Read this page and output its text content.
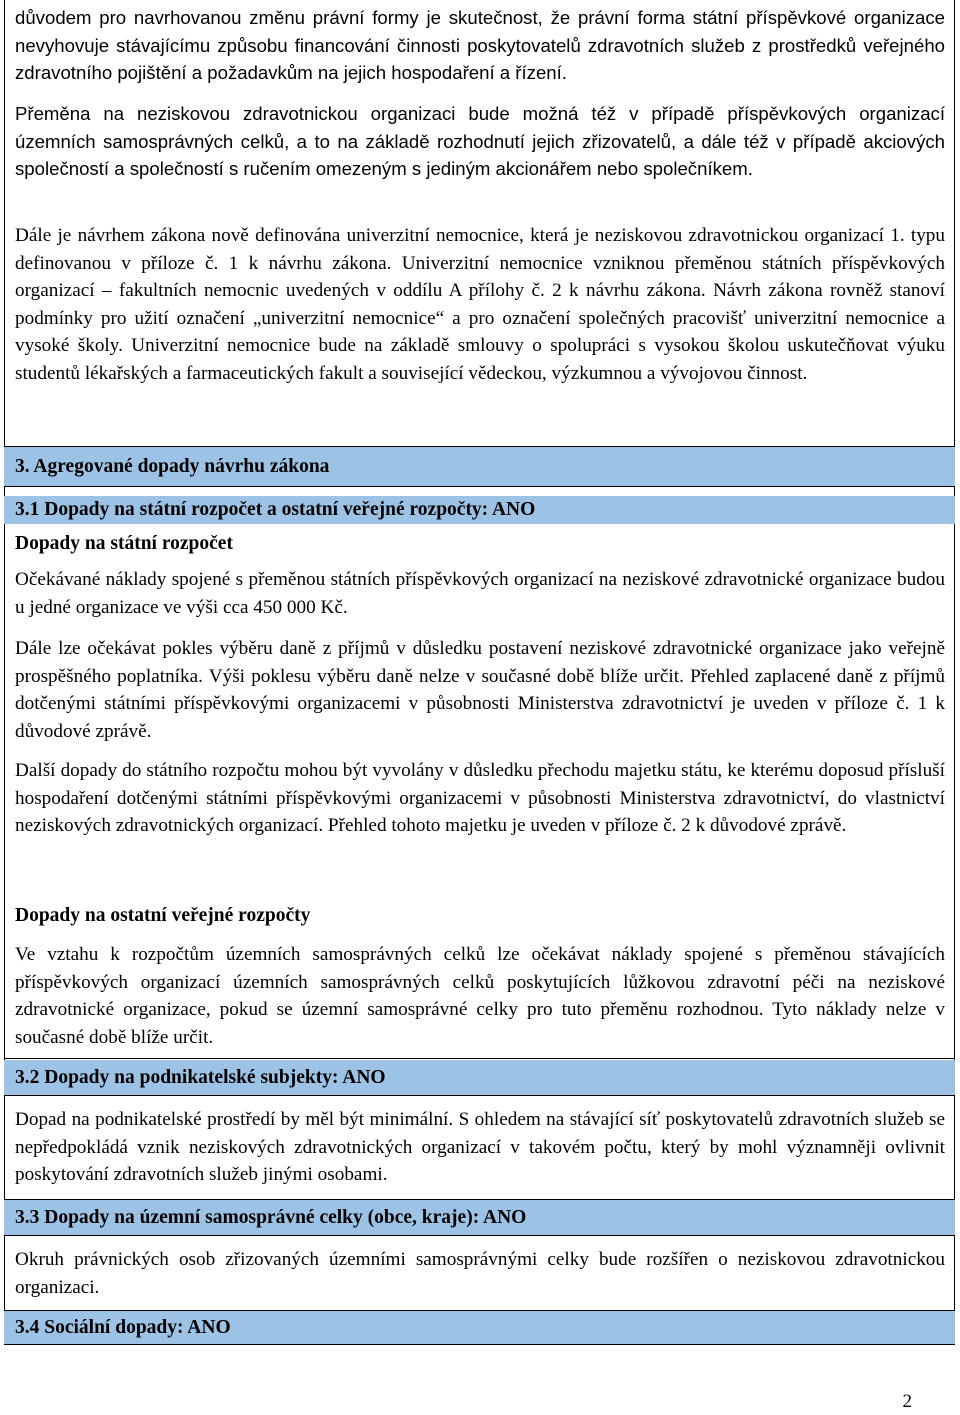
důvodem pro navrhovanou změnu právní formy je skutečnost, že právní forma státní příspěvkové organizace nevyhovuje stávajícímu způsobu financování činnosti poskytovatelů zdravotních služeb z prostředků veřejného zdravotního pojištění a požadavkům na jejich hospodaření a řízení.

Přeměna na neziskovou zdravotnickou organizaci bude možná též v případě příspěvkových organizací územních samosprávných celků, a to na základě rozhodnutí jejich zřizovatelů, a dále též v případě akciových společností a společností s ručením omezeným s jediným akcionářem nebo společníkem.

Dále je návrhem zákona nově definována univerzitní nemocnice, která je neziskovou zdravotnickou organizací 1. typu definovanou v příloze č. 1 k návrhu zákona. Univerzitní nemocnice vzniknou přeměnou státních příspěvkových organizací – fakultních nemocnic uvedených v oddílu A přílohy č. 2 k návrhu zákona. Návrh zákona rovněž stanoví podmínky pro užití označení „univerzitní nemocnice“ a pro označení společných pracovišť univerzitní nemocnice a vysoké školy. Univerzitní nemocnice bude na základě smlouvy o spolupráci s vysokou školou uskutečňovat výuku studentů lékařských a farmaceutických fakult a související vědeckou, výzkumnou a vývojovou činnost.

3. Agregované dopady návrhu zákona

3.1 Dopady na státní rozpočet a ostatní veřejné rozpočty: ANO

Dopady na státní rozpočet

Očekávané náklady spojené s přeměnou státních příspěvkových organizací na neziskové zdravotnické organizace budou u jedné organizace ve výši cca 450 000 Kč.

Dále lze očekávat pokles výběru daně z příjmů v důsledku postavení neziskové zdravotnické organizace jako veřejně prospěšného poplatníka. Výši poklesu výběru daně nelze v současné době blíže určit. Přehled zaplacené daně z příjmů dotčenými státními příspěvkovými organizacemi v působnosti Ministerstva zdravotnictví je uveden v příloze č. 1 k důvodové zprávě.

Další dopady do státního rozpočtu mohou být vyvolány v důsledku přechodu majetku státu, ke kterému doposud přísluší hospodaření dotčenými státními příspěvkovými organizacemi v působnosti Ministerstva zdravotnictví, do vlastnictví neziskových zdravotnických organizací. Přehled tohoto majetku je uveden v příloze č. 2 k důvodové zprávě.

Dopady na ostatní veřejné rozpočty

Ve vztahu k rozpočtům územních samosprávných celků lze očekávat náklady spojené s přeměnou stávajících příspěvkových organizací územních samosprávných celků poskytujících lůžkovou zdravotní péči na neziskové zdravotnické organizace, pokud se územní samosprávné celky pro tuto přeměnu rozhodnou. Tyto náklady nelze v současné době blíže určit.

3.2 Dopady na podnikatelské subjekty: ANO

Dopad na podnikatelské prostředí by měl být minimální. S ohledem na stávající síť poskytovatelů zdravotních služeb se nepředpokládá vznik neziskových zdravotnických organizací v takovém počtu, který by mohl významněji ovlivnit poskytování zdravotních služeb jinými osobami.

3.3 Dopady na územní samosprávné celky (obce, kraje): ANO

Okruh právnických osob zřizovaných územními samosprávnými celky bude rozšířen o neziskovou zdravotnickou organizaci.

3.4 Sociální dopady: ANO
2
